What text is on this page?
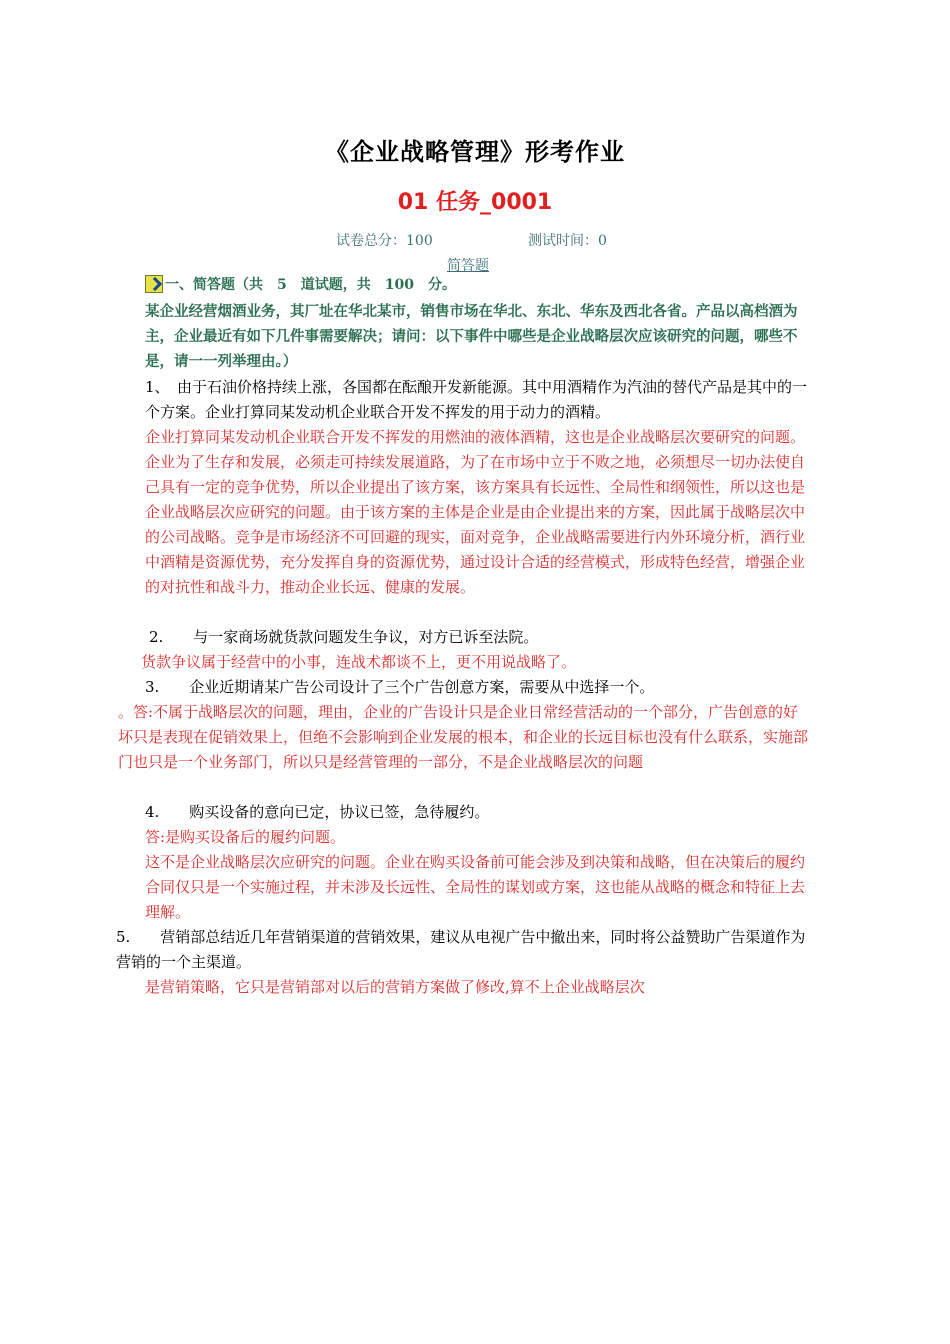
《企业战略管理》形考作业
01 任务_0001
试卷总分：100	测试时间：0
简答题
一、简答题（共　5　道试题，共　100　分。

某企业经营烟酒业务，其厂址在华北某市，销售市场在华北、东北、华东及西北各省。产品以高档酒为主，企业最近有如下几件事需要解决；请问：以下事件中哪些是企业战略层次应该研究的问题，哪些不是，请一一列举理由。）

1、　由于石油价格持续上涨，各国都在酝酿开发新能源。其中用酒精作为汽油的替代产品是其中的一个方案。企业打算同某发动机企业联合开发不挥发的用于动力的酒精。

企业打算同某发动机企业联合开发不挥发的用燃油的液体酒精，这也是企业战略层次要研究的问题。企业为了生存和发展，必须走可持续发展道路，为了在市场中立于不败之地，必须想尽一切办法使自己具有一定的竞争优势，所以企业提出了该方案，该方案具有长远性、全局性和纲领性，所以这也是企业战略层次应研究的问题。由于该方案的主体是企业是由企业提出来的方案，因此属于战略层次中的公司战略。竞争是市场经济不可回避的现实，面对竞争，企业战略需要进行内外环境分析，酒行业中酒精是资源优势，充分发挥自身的资源优势，通过设计合适的经营模式，形成特色经营，增强企业的对抗性和战斗力，推动企业长远、健康的发展。

2.　　与一家商场就货款问题发生争议，对方已诉至法院。

货款争议属于经营中的小事，连战术都谈不上，更不用说战略了。

3.　　企业近期请某广告公司设计了三个广告创意方案，需要从中选择一个。

。答:不属于战略层次的问题，理由，企业的广告设计只是企业日常经营活动的一个部分，广告创意的好坏只是表现在促销效果上，但绝不会影响到企业发展的根本，和企业的长远目标也没有什么联系，实施部门也只是一个业务部门，所以只是经营管理的一部分，不是企业战略层次的问题

4.　　购买设备的意向已定，协议已签，急待履约。

答:是购买设备后的履约问题。

这不是企业战略层次应研究的问题。企业在购买设备前可能会涉及到决策和战略，但在决策后的履约合同仅只是一个实施过程，并未涉及长远性、全局性的谋划或方案，这也能从战略的概念和特征上去理解。

5.　　营销部总结近几年营销渠道的营销效果，建议从电视广告中撤出来，同时将公益赞助广告渠道作为营销的一个主渠道。

是营销策略，它只是营销部对以后的营销方案做了修改,算不上企业战略层次
